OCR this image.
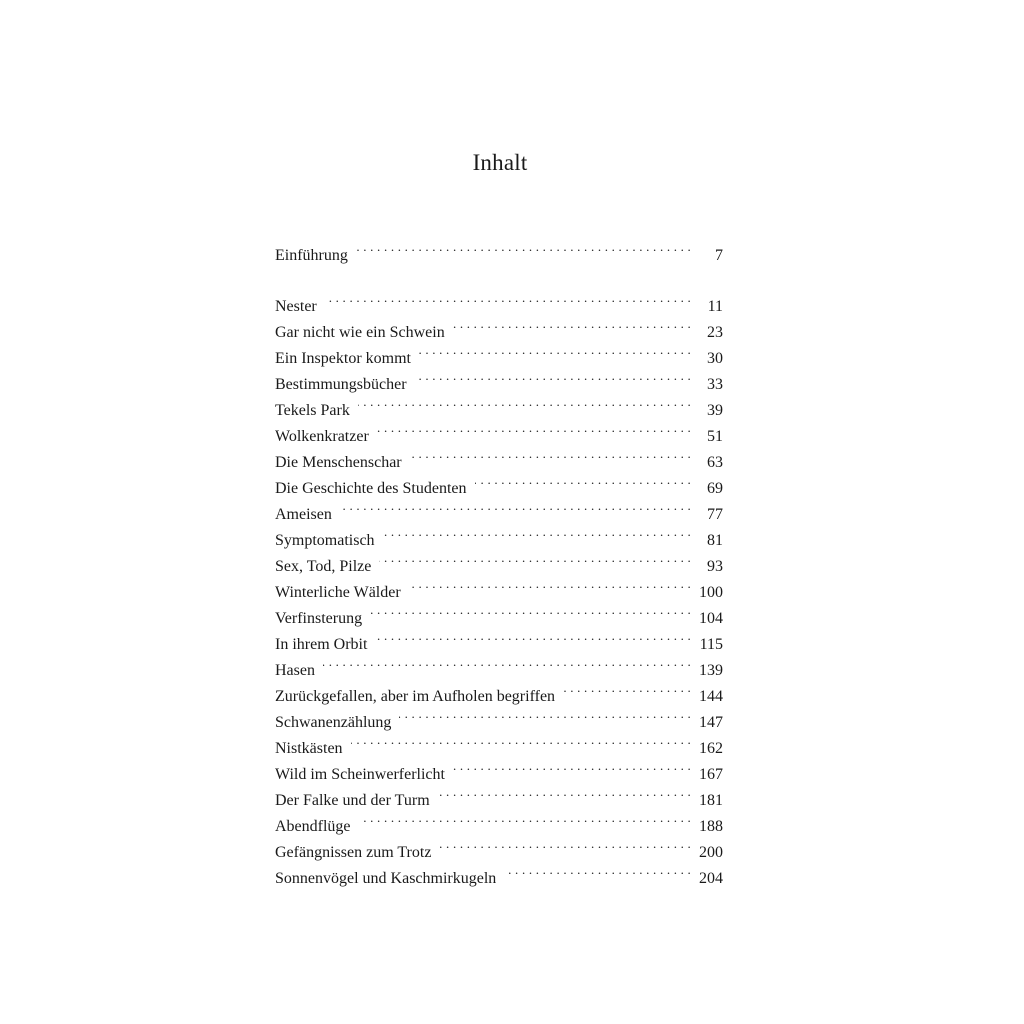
Inhalt
Einführung . . .	7
Nester . . .	11
Gar nicht wie ein Schwein . . .	23
Ein Inspektor kommt . . .	30
Bestimmungsbücher . . .	33
Tekels Park . . .	39
Wolkenkratzer . . .	51
Die Menschenschar . . .	63
Die Geschichte des Studenten . . .	69
Ameisen . . .	77
Symptomatisch . . .	81
Sex, Tod, Pilze . . .	93
Winterliche Wälder . . .	100
Verfinsterung . . .	104
In ihrem Orbit . . .	115
Hasen . . .	139
Zurückgefallen, aber im Aufholen begriffen . . .	144
Schwanenzählung . . .	147
Nistkästen . . .	162
Wild im Scheinwerferlicht . . .	167
Der Falke und der Turm . . .	181
Abendflüge . . .	188
Gefängnissen zum Trotz . . .	200
Sonnenvögel und Kaschmirkugeln . . .	204
